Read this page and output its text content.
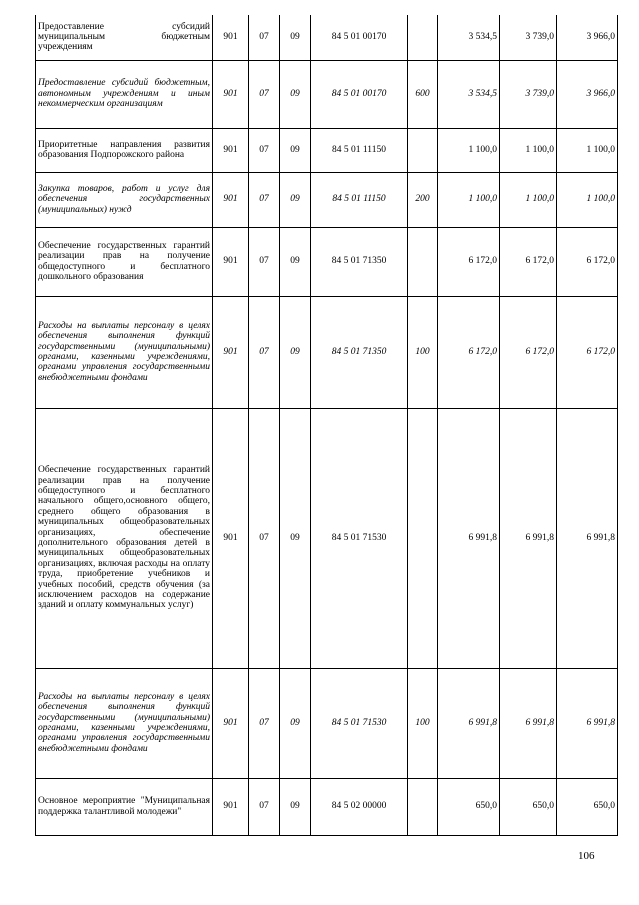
Предоставление субсидий муниципальным бюджетным учреждениям	901	07	09	84 5 01 00170		3 534,5	3 739,0	3 966,0
Предоставление субсидий бюджетным, автономным учреждениям и иным некоммерческим организациям	901	07	09	84 5 01 00170	600	3 534,5	3 739,0	3 966,0
Приоритетные направления развития образования Подпорожского района	901	07	09	84 5 01 11150		1 100,0	1 100,0	1 100,0
Закупка товаров, работ и услуг для обеспечения государственных (муниципальных) нужд	901	07	09	84 5 01 11150	200	1 100,0	1 100,0	1 100,0
Обеспечение государственных гарантий реализации прав на получение общедоступного и бесплатного дошкольного образования	901	07	09	84 5 01 71350		6 172,0	6 172,0	6 172,0
Расходы на выплаты персоналу в целях обеспечения выполнения функций государственными (муниципальными) органами, казенными учреждениями, органами управления государственными внебюджетными фондами	901	07	09	84 5 01 71350	100	6 172,0	6 172,0	6 172,0
Обеспечение государственных гарантий реализации прав на получение общедоступного и бесплатного начального общего,основного общего, среднего общего образования в муниципальных общеобразовательных организациях, обеспечение дополнительного образования детей в муниципальных общеобразовательных организациях, включая расходы на оплату труда, приобретение учебников и учебных пособий, средств обучения (за исключением расходов на содержание зданий и оплату коммунальных услуг)	901	07	09	84 5 01 71530		6 991,8	6 991,8	6 991,8
Расходы на выплаты персоналу в целях обеспечения выполнения функций государственными (муниципальными) органами, казенными учреждениями, органами управления государственными внебюджетными фондами	901	07	09	84 5 01 71530	100	6 991,8	6 991,8	6 991,8
Основное мероприятие "Муниципальная поддержка талантливой молодежи"	901	07	09	84 5 02 00000		650,0	650,0	650,0
106
